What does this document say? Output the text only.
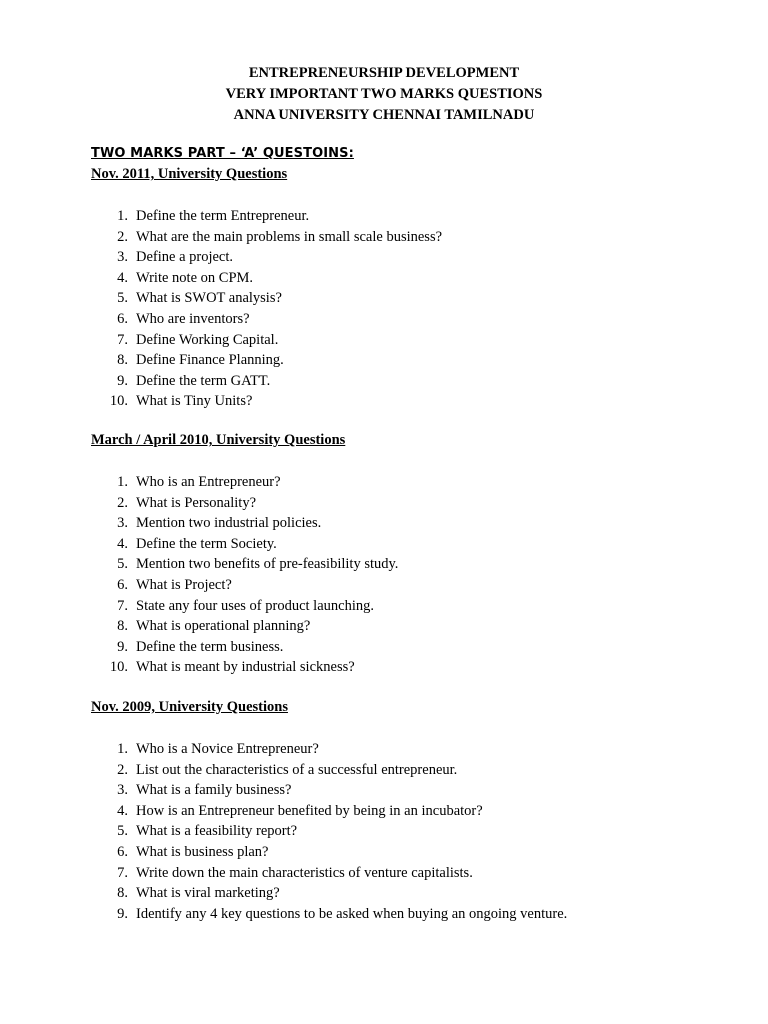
ENTREPRENEURSHIP DEVELOPMENT
VERY IMPORTANT TWO MARKS QUESTIONS
ANNA UNIVERSITY CHENNAI TAMILNADU
TWO MARKS PART – ‘A’ QUESTOINS:
Nov. 2011, University Questions
1. Define the term Entrepreneur.
2. What are the main problems in small scale business?
3. Define a project.
4. Write note on CPM.
5. What is SWOT analysis?
6. Who are inventors?
7. Define Working Capital.
8. Define Finance Planning.
9. Define the term GATT.
10. What is Tiny Units?
March / April 2010, University Questions
1. Who is an Entrepreneur?
2. What is Personality?
3. Mention two industrial policies.
4. Define the term Society.
5. Mention two benefits of pre-feasibility study.
6. What is Project?
7. State any four uses of product launching.
8. What is operational planning?
9. Define the term business.
10. What is meant by industrial sickness?
Nov. 2009, University Questions
1. Who is a Novice Entrepreneur?
2. List out the characteristics of a successful entrepreneur.
3. What is a family business?
4. How is an Entrepreneur benefited by being in an incubator?
5. What is a feasibility report?
6. What is business plan?
7. Write down the main characteristics of venture capitalists.
8. What is viral marketing?
9. Identify any 4 key questions to be asked when buying an ongoing venture.
